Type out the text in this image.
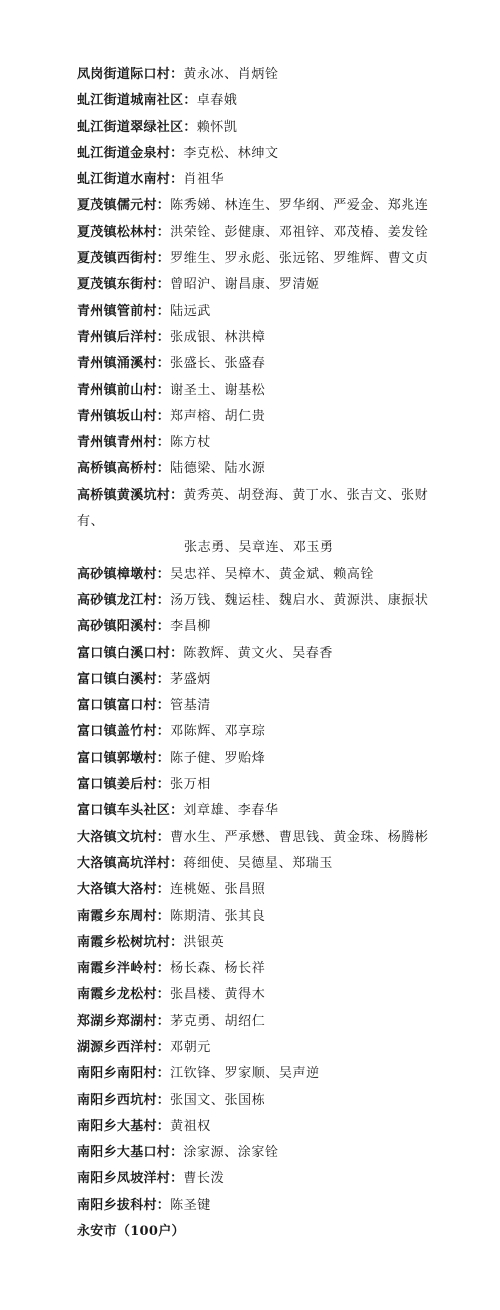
凤岗街道际口村：黄永冰、肖炳铨
虬江街道城南社区：卓春娥
虬江街道翠绿社区：赖怀凯
虬江街道金泉村：李克松、林绅文
虬江街道水南村：肖祖华
夏茂镇儒元村：陈秀娣、林连生、罗华纲、严爱金、郑兆连
夏茂镇松林村：洪荣铨、彭健康、邓祖锌、邓茂椿、姜发铨
夏茂镇西街村：罗维生、罗永彪、张远铭、罗维辉、曹文贞
夏茂镇东街村：曾昭沪、谢昌康、罗清姬
青州镇管前村：陆远武
青州镇后洋村：张成银、林洪樟
青州镇涌溪村：张盛长、张盛春
青州镇前山村：谢圣土、谢基松
青州镇坂山村：郑声榕、胡仁贵
青州镇青州村：陈方杖
高桥镇高桥村：陆德梁、陆水源
高桥镇黄溪坑村：黄秀英、胡登海、黄丁水、张吉文、张财
有、
张志勇、吴章连、邓玉勇
高砂镇樟墩村：吴忠祥、吴樟木、黄金斌、赖高铨
高砂镇龙江村：汤万钱、魏运桂、魏启水、黄源洪、康振状
高砂镇阳溪村：李昌柳
富口镇白溪口村：陈教辉、黄文火、吴春香
富口镇白溪村：茅盛炳
富口镇富口村：管基清
富口镇盖竹村：邓陈辉、邓享琮
富口镇郭墩村：陈子健、罗贻烽
富口镇姜后村：张万相
富口镇车头社区：刘章雄、李春华
大洛镇文坑村：曹水生、严承懋、曹思钱、黄金珠、杨腾彬
大洛镇高坑洋村：蒋细使、吴德星、郑瑞玉
大洛镇大洛村：连桃姬、张昌照
南霞乡东周村：陈期清、张其良
南霞乡松树坑村：洪银英
南霞乡泮岭村：杨长森、杨长祥
南霞乡龙松村：张昌楼、黄得木
郑湖乡郑湖村：茅克勇、胡绍仁
湖源乡西洋村：邓朝元
南阳乡南阳村：江钦锋、罗家顺、吴声逆
南阳乡西坑村：张国文、张国栋
南阳乡大基村：黄祖权
南阳乡大基口村：涂家源、涂家铨
南阳乡凤坡洋村：曹长泼
南阳乡拔科村：陈圣键
永安市（100户）
